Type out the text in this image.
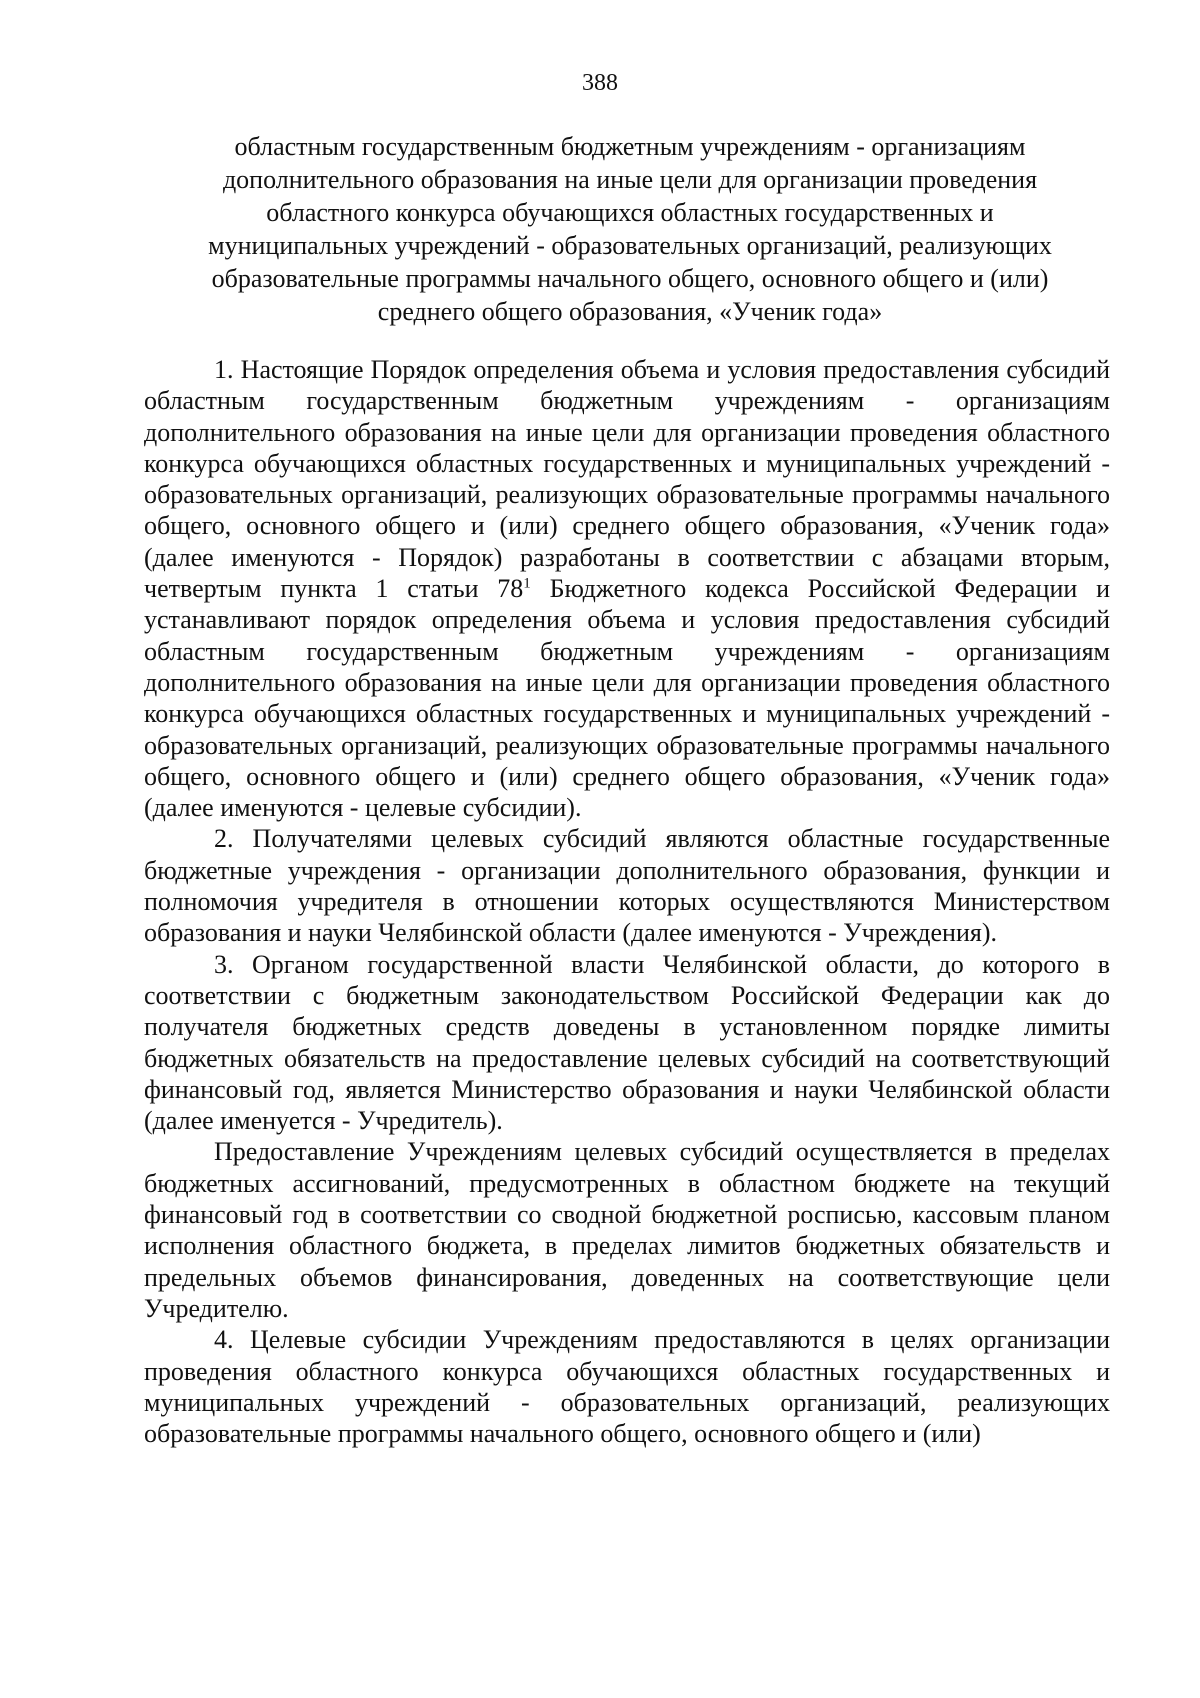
388
областным государственным бюджетным учреждениям - организациям
дополнительного образования на иные цели для организации проведения
областного конкурса обучающихся областных государственных и
муниципальных учреждений - образовательных организаций, реализующих
образовательные программы начального общего, основного общего и (или)
среднего общего образования, «Ученик года»

1. Настоящие Порядок определения объема и условия предоставления субсидий областным государственным бюджетным учреждениям - организациям дополнительного образования на иные цели для организации проведения областного конкурса обучающихся областных государственных и муниципальных учреждений - образовательных организаций, реализующих образовательные программы начального общего, основного общего и (или) среднего общего образования, «Ученик года» (далее именуются - Порядок) разработаны в соответствии с абзацами вторым, четвертым пункта 1 статьи $78^1$ Бюджетного кодекса Российской Федерации и устанавливают порядок определения объема и условия предоставления субсидий областным государственным бюджетным учреждениям - организациям дополнительного образования на иные цели для организации проведения областного конкурса обучающихся областных государственных и муниципальных учреждений - образовательных организаций, реализующих образовательные программы начального общего, основного общего и (или) среднего общего образования, «Ученик года» (далее именуются - целевые субсидии).

2. Получателями целевых субсидий являются областные государственные бюджетные учреждения - организации дополнительного образования, функции и полномочия учредителя в отношении которых осуществляются Министерством образования и науки Челябинской области (далее именуются - Учреждения).

3. Органом государственной власти Челябинской области, до которого в соответствии с бюджетным законодательством Российской Федерации как до получателя бюджетных средств доведены в установленном порядке лимиты бюджетных обязательств на предоставление целевых субсидий на соответствующий финансовый год, является Министерство образования и науки Челябинской области (далее именуется - Учредитель).

Предоставление Учреждениям целевых субсидий осуществляется в пределах бюджетных ассигнований, предусмотренных в областном бюджете на текущий финансовый год в соответствии со сводной бюджетной росписью, кассовым планом исполнения областного бюджета, в пределах лимитов бюджетных обязательств и предельных объемов финансирования, доведенных на соответствующие цели Учредителю.

4. Целевые субсидии Учреждениям предоставляются в целях организации проведения областного конкурса обучающихся областных государственных и муниципальных учреждений - образовательных организаций, реализующих образовательные программы начального общего, основного общего и (или)
